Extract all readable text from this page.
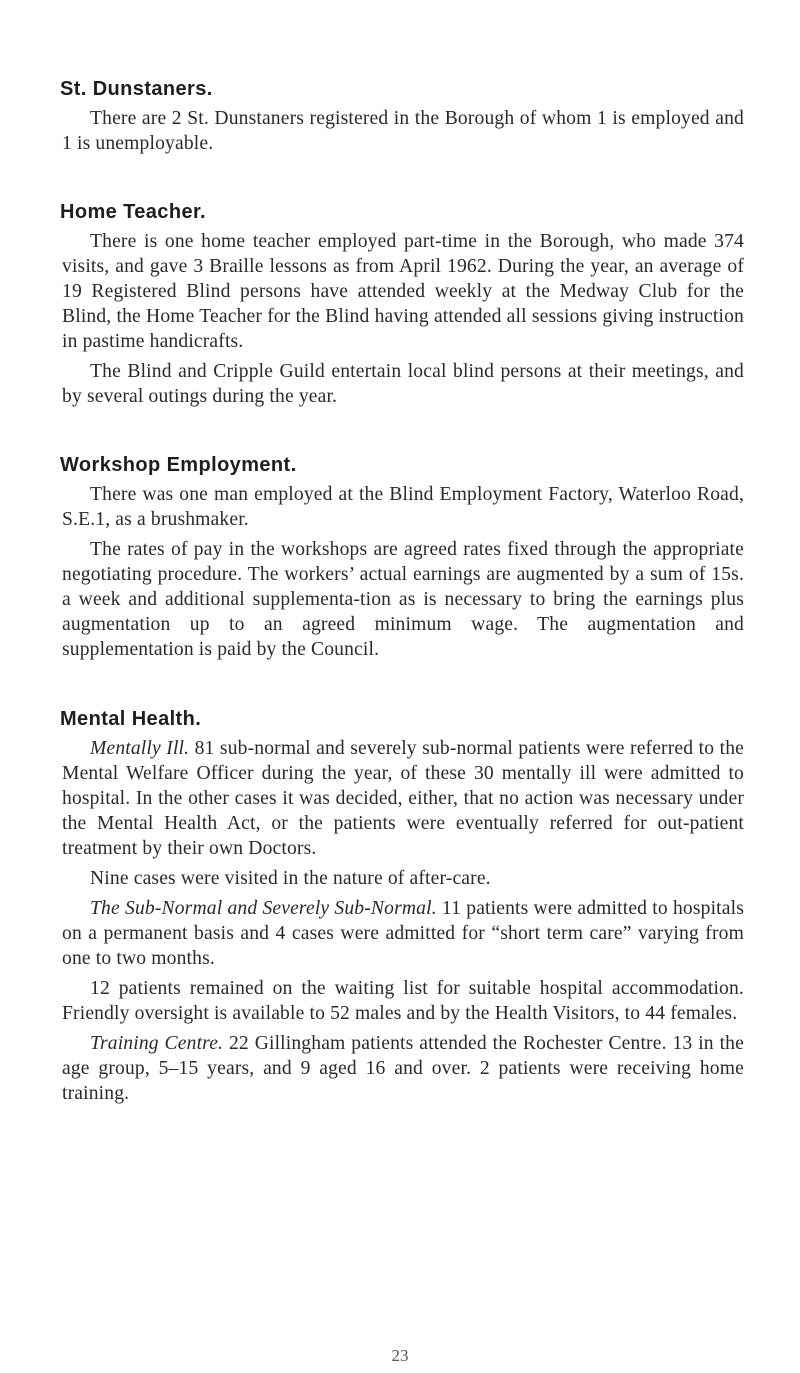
St. Dunstaners.

There are 2 St. Dunstaners registered in the Borough of whom 1 is employed and 1 is unemployable.

Home Teacher.

There is one home teacher employed part-time in the Borough, who made 374 visits, and gave 3 Braille lessons as from April 1962. During the year, an average of 19 Registered Blind persons have attended weekly at the Medway Club for the Blind, the Home Teacher for the Blind having attended all sessions giving instruction in pastime handicrafts.

The Blind and Cripple Guild entertain local blind persons at their meetings, and by several outings during the year.

Workshop Employment.

There was one man employed at the Blind Employment Factory, Waterloo Road, S.E.1, as a brushmaker.

The rates of pay in the workshops are agreed rates fixed through the appropriate negotiating procedure. The workers’ actual earnings are augmented by a sum of 15s. a week and additional supplementa-tion as is necessary to bring the earnings plus augmentation up to an agreed minimum wage. The augmentation and supplementation is paid by the Council.

Mental Health.

Mentally Ill. 81 sub-normal and severely sub-normal patients were referred to the Mental Welfare Officer during the year, of these 30 mentally ill were admitted to hospital. In the other cases it was decided, either, that no action was necessary under the Mental Health Act, or the patients were eventually referred for out-patient treatment by their own Doctors.

Nine cases were visited in the nature of after-care.

The Sub-Normal and Severely Sub-Normal. 11 patients were admitted to hospitals on a permanent basis and 4 cases were admitted for “short term care” varying from one to two months.

12 patients remained on the waiting list for suitable hospital accommodation. Friendly oversight is available to 52 males and by the Health Visitors, to 44 females.

Training Centre. 22 Gillingham patients attended the Rochester Centre. 13 in the age group, 5–15 years, and 9 aged 16 and over. 2 patients were receiving home training.

23
